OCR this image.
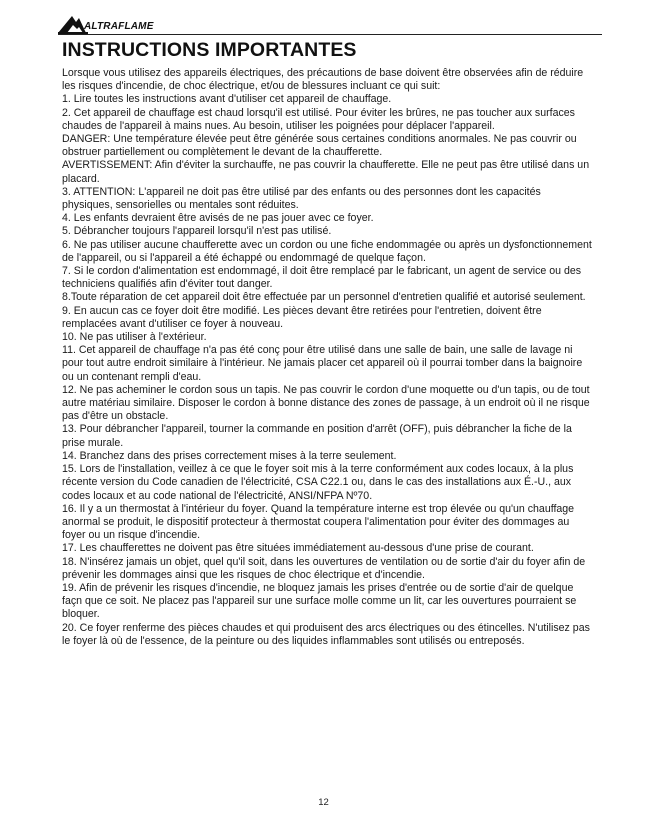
ALTRAFLAME
INSTRUCTIONS IMPORTANTES

Lorsque vous utilisez des appareils électriques, des précautions de base doivent être observées afin de réduire les risques d'incendie, de choc électrique, et/ou de blessures incluant ce qui suit:

1. Lire toutes les instructions avant d'utiliser cet appareil de chauffage.

2. Cet appareil de chauffage est chaud lorsqu'il est utilisé. Pour éviter les brûres, ne pas toucher aux surfaces chaudes de l'appareil à mains nues. Au besoin, utiliser les poignées pour déplacer l'appareil.

DANGER: Une température élevée peut être générée sous certaines conditions anormales. Ne pas couvrir ou obstruer partiellement ou complètement le devant de la chaufferette.

AVERTISSEMENT: Afin d'éviter la surchauffe, ne pas couvrir la chaufferette. Elle ne peut pas être utilisé dans un placard.

3. ATTENTION: L'appareil ne doit pas être utilisé par des enfants ou des personnes dont les capacités physiques, sensorielles ou mentales sont réduites.

4. Les enfants devraient être avisés de ne pas jouer avec ce foyer.

5. Débrancher toujours l'appareil lorsqu'il n'est pas utilisé.

6. Ne pas utiliser aucune chaufferette avec un cordon ou une fiche endommagée ou après un dysfonctionnement de l'appareil, ou si l'appareil a été échappé ou endommagé de quelque façon.

7. Si le cordon d'alimentation est endommagé, il doit être remplacé par le fabricant, un agent de service ou des techniciens qualifiés afin d'éviter tout danger.

8.Toute réparation de cet appareil doit être effectuée par un personnel d'entretien qualifié et autorisé seulement.

9. En aucun cas ce foyer doit être modifié. Les pièces devant être retirées pour l'entretien, doivent être remplacées avant d'utiliser ce foyer à nouveau.

10. Ne pas utiliser à l'extérieur.

11. Cet appareil de chauffage n'a pas été conç pour être utilisé dans une salle de bain, une salle de lavage ni pour tout autre endroit similaire à l'intérieur. Ne jamais placer cet appareil où il pourrai tomber dans la baignoire ou un contenant rempli d'eau.

12. Ne pas acheminer le cordon sous un tapis. Ne pas couvrir le cordon d'une moquette ou d'un tapis, ou de tout autre matériau similaire. Disposer le cordon à bonne distance des zones de passage, à un endroit où il ne risque pas d'être un obstacle.

13. Pour débrancher l'appareil, tourner la commande en position d'arrêt (OFF), puis débrancher la fiche de la prise murale.

14. Branchez dans des prises correctement mises à la terre seulement.

15. Lors de l'installation, veillez à ce que le foyer soit mis à la terre conformément aux codes locaux, à la plus récente version du Code canadien de l'électricité, CSA C22.1 ou, dans le cas des installations aux É.-U., aux codes locaux et au code national de l'électricité, ANSI/NFPA Nº70.

16. Il y a un thermostat à l'intérieur du foyer. Quand la température interne est trop élevée ou qu'un chauffage anormal se produit, le dispositif protecteur à thermostat coupera l'alimentation pour éviter des dommages au foyer ou un risque d'incendie.

17. Les chaufferettes ne doivent pas être situées immédiatement au-dessous d'une prise de courant.

18. N'insérez jamais un objet, quel qu'il soit, dans les ouvertures de ventilation ou de sortie d'air du foyer afin de prévenir les dommages ainsi que les risques de choc électrique et d'incendie.

19. Afin de prévenir les risques d'incendie, ne bloquez jamais les prises d'entrée ou de sortie d'air de quelque façn que ce soit. Ne placez pas l'appareil sur une surface molle comme un lit, car les ouvertures pourraient se bloquer.

20. Ce foyer renferme des pièces chaudes et qui produisent des arcs électriques ou des étincelles. N'utilisez pas le foyer là où de l'essence, de la peinture ou des liquides inflammables sont utilisés ou entreposés.

12
